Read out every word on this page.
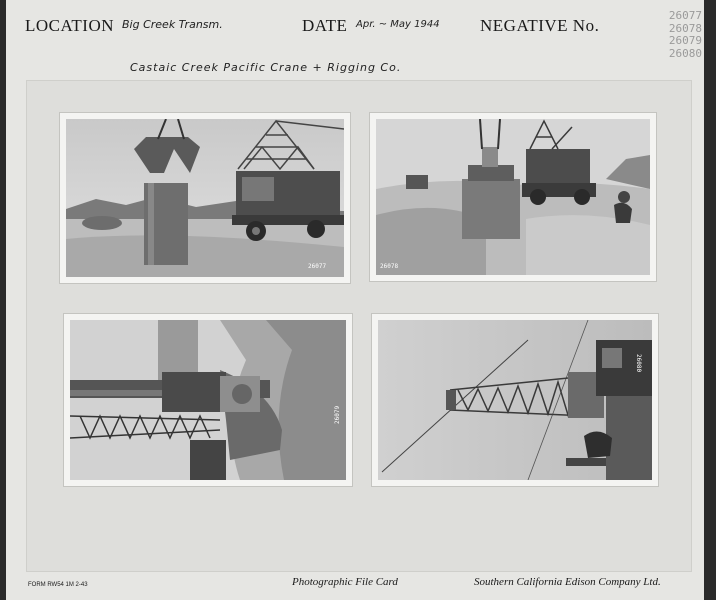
LOCATION Big Creek Transm.	DATE Apr. ~ May 1944 NEGATIVE No.
26077
26078
26079
26080
Castaic Creek Pacific Crane + Rigging Co.
26077	26078
26079
26080
FORM RW54 1M 2-43	Photographic File Card	Southern California Edison Company Ltd.
